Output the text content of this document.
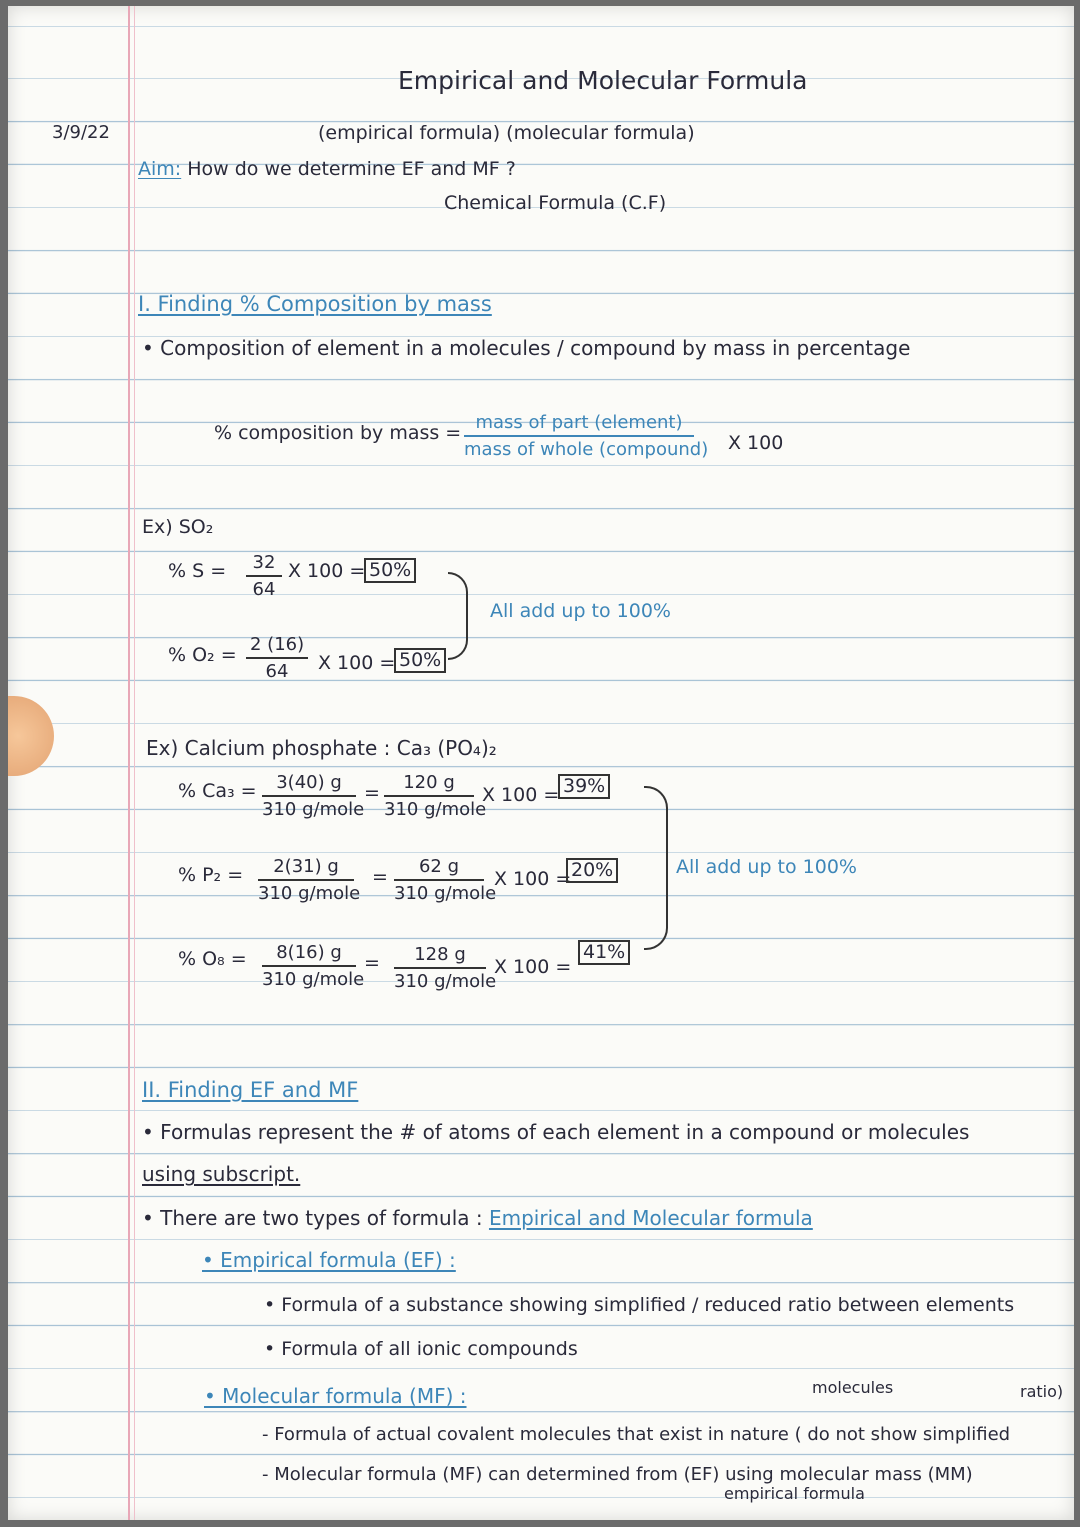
3/9/22
Empirical and Molecular Formula
(empirical formula) (molecular formula)
Aim: How do we determine EF and MF ?
Chemical Formula (C.F)
I. Finding % Composition by mass
• Composition of element in a molecules / compound by mass in percentage
% composition by mass = mass of part (element)
mass of whole (compound) X 100
Ex) SO₂
% $S = \frac{32}{64}$ X 100 = 50%
% $O_2 = \frac{2 (16)}{64}$ X 100 = 50%
All add up to 100%
Ex) Calcium phosphate : Ca₃ (PO₄)₂
% Ca₃ =	3(40) g
310 g/mole
=	120 g
310 g/mole
X 100 = 39%
% P₂ =	2(31) g
310 g/mole
=	62 g
310 g/mole
X 100 = 20%
% O₈ =	8(16) g
310 g/mole
=	128 g
310 g/mole
X 100 =
41%
All add up to 100%
II. Finding EF and MF
• Formulas represent the # of atoms of each element in a compound or molecules
using subscript.
• There are two types of formula : Empirical and Molecular formula
• Empirical formula (EF) :
• Formula of a substance showing simplified / reduced ratio between elements
• Formula of all ionic compounds
• Molecular formula (MF) :	molecules	ratio)
- Formula of actual covalent molecules that exist in nature ( do not show simplified
- Molecular formula (MF) can determined from (EF) using molecular mass (MM)
empirical formula
